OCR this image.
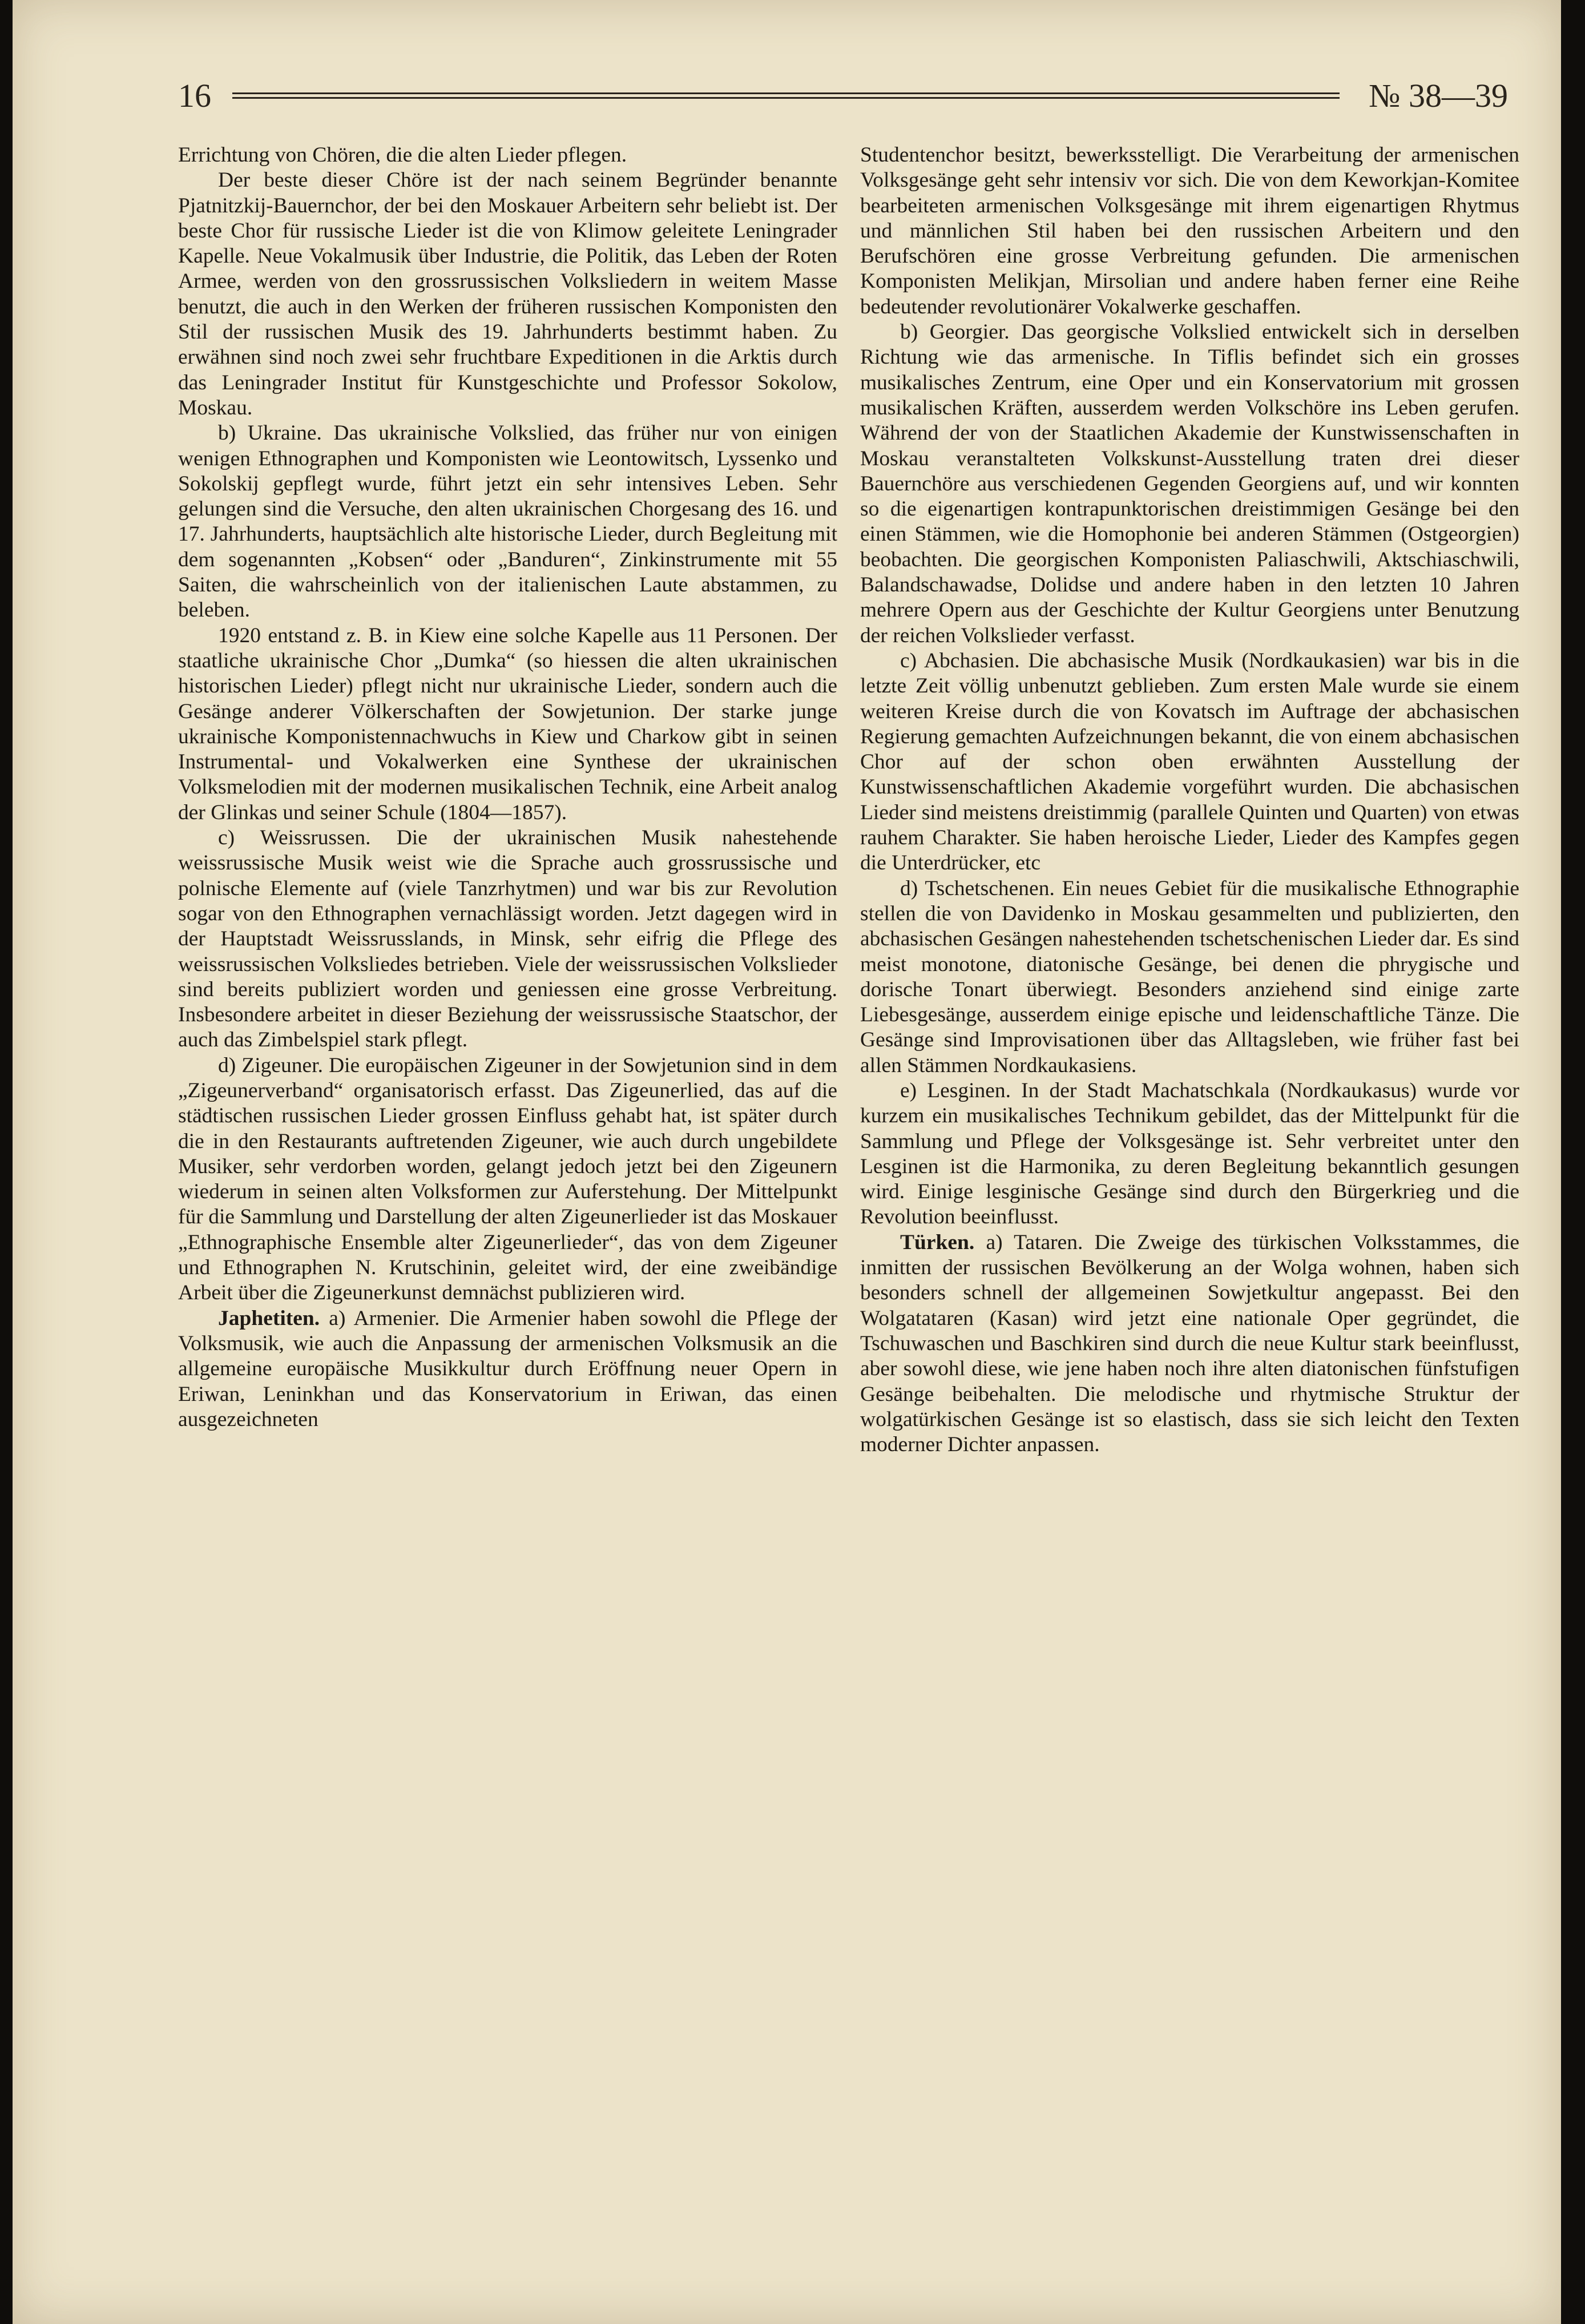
16	№ 38—39

Errichtung von Chören, die die alten Lieder pflegen.

Der beste dieser Chöre ist der nach seinem Begründer benannte Pjatnitzkij-Bauernchor, der bei den Moskauer Arbeitern sehr beliebt ist. Der beste Chor für russische Lieder ist die von Klimow geleitete Leningrader Kapelle. Neue Vokalmusik über Industrie, die Politik, das Leben der Roten Armee, werden von den grossrussischen Volksliedern in weitem Masse benutzt, die auch in den Werken der früheren russischen Komponisten den Stil der russischen Musik des 19. Jahrhunderts bestimmt haben. Zu erwähnen sind noch zwei sehr fruchtbare Expeditionen in die Arktis durch das Leningrader Institut für Kunstgeschichte und Professor Sokolow, Moskau.

b) Ukraine. Das ukrainische Volkslied, das früher nur von einigen wenigen Ethnographen und Komponisten wie Leontowitsch, Lyssenko und Sokolskij gepflegt wurde, führt jetzt ein sehr intensives Leben. Sehr gelungen sind die Versuche, den alten ukrainischen Chorgesang des 16. und 17. Jahrhunderts, hauptsächlich alte historische Lieder, durch Begleitung mit dem sogenannten „Kobsen“ oder „Banduren“, Zinkinstrumente mit 55 Saiten, die wahrscheinlich von der italienischen Laute abstammen, zu beleben.

1920 entstand z. B. in Kiew eine solche Kapelle aus 11 Personen. Der staatliche ukrainische Chor „Dumka“ (so hiessen die alten ukrainischen historischen Lieder) pflegt nicht nur ukrainische Lieder, sondern auch die Gesänge anderer Völkerschaften der Sowjetunion. Der starke junge ukrainische Komponistennachwuchs in Kiew und Charkow gibt in seinen Instrumental- und Vokalwerken eine Synthese der ukrainischen Volksmelodien mit der modernen musikalischen Technik, eine Arbeit analog der Glinkas und seiner Schule (1804—1857).

c) Weissrussen. Die der ukrainischen Musik nahestehende weissrussische Musik weist wie die Sprache auch grossrussische und polnische Elemente auf (viele Tanzrhytmen) und war bis zur Revolution sogar von den Ethnographen vernachlässigt worden. Jetzt dagegen wird in der Hauptstadt Weissrusslands, in Minsk, sehr eifrig die Pflege des weissrussischen Volksliedes betrieben. Viele der weissrussischen Volkslieder sind bereits publiziert worden und geniessen eine grosse Verbreitung. Insbesondere arbeitet in dieser Beziehung der weissrussische Staatschor, der auch das Zimbelspiel stark pflegt.

d) Zigeuner. Die europäischen Zigeuner in der Sowjetunion sind in dem „Zigeunerverband“ organisatorisch erfasst. Das Zigeunerlied, das auf die städtischen russischen Lieder grossen Einfluss gehabt hat, ist später durch die in den Restaurants auftretenden Zigeuner, wie auch durch ungebildete Musiker, sehr verdorben worden, gelangt jedoch jetzt bei den Zigeunern wiederum in seinen alten Volksformen zur Auferstehung. Der Mittelpunkt für die Sammlung und Darstellung der alten Zigeunerlieder ist das Moskauer „Ethnographische Ensemble alter Zigeunerlieder“, das von dem Zigeuner und Ethnographen N. Krutschinin, geleitet wird, der eine zweibändige Arbeit über die Zigeunerkunst demnächst publizieren wird.

Japhetiten. a) Armenier. Die Armenier haben sowohl die Pflege der Volksmusik, wie auch die Anpassung der armenischen Volksmusik an die allgemeine europäische Musikkultur durch Eröffnung neuer Opern in Eriwan, Leninkhan und das Konservatorium in Eriwan, das einen ausgezeichneten

Studentenchor besitzt, bewerksstelligt. Die Verarbeitung der armenischen Volksgesänge geht sehr intensiv vor sich. Die von dem Keworkjan-Komitee bearbeiteten armenischen Volksgesänge mit ihrem eigenartigen Rhytmus und männlichen Stil haben bei den russischen Arbeitern und den Berufschören eine grosse Verbreitung gefunden. Die armenischen Komponisten Melikjan, Mirsolian und andere haben ferner eine Reihe bedeutender revolutionärer Vokalwerke geschaffen.

b) Georgier. Das georgische Volkslied entwickelt sich in derselben Richtung wie das armenische. In Tiflis befindet sich ein grosses musikalisches Zentrum, eine Oper und ein Konservatorium mit grossen musikalischen Kräften, ausserdem werden Volkschöre ins Leben gerufen. Während der von der Staatlichen Akademie der Kunstwissenschaften in Moskau veranstalteten Volkskunst-Ausstellung traten drei dieser Bauernchöre aus verschiedenen Gegenden Georgiens auf, und wir konnten so die eigenartigen kontrapunktorischen dreistimmigen Gesänge bei den einen Stämmen, wie die Homophonie bei anderen Stämmen (Ostgeorgien) beobachten. Die georgischen Komponisten Paliaschwili, Aktschiaschwili, Balandschawadse, Dolidse und andere haben in den letzten 10 Jahren mehrere Opern aus der Geschichte der Kultur Georgiens unter Benutzung der reichen Volkslieder verfasst.

c) Abchasien. Die abchasische Musik (Nordkaukasien) war bis in die letzte Zeit völlig unbenutzt geblieben. Zum ersten Male wurde sie einem weiteren Kreise durch die von Kovatsch im Auftrage der abchasischen Regierung gemachten Aufzeichnungen bekannt, die von einem abchasischen Chor auf der schon oben erwähnten Ausstellung der Kunstwissenschaftlichen Akademie vorgeführt wurden. Die abchasischen Lieder sind meistens dreistimmig (parallele Quinten und Quarten) von etwas rauhem Charakter. Sie haben heroische Lieder, Lieder des Kampfes gegen die Unterdrücker, etc

d) Tschetschenen. Ein neues Gebiet für die musikalische Ethnographie stellen die von Davidenko in Moskau gesammelten und publizierten, den abchasischen Gesängen nahestehenden tschetschenischen Lieder dar. Es sind meist monotone, diatonische Gesänge, bei denen die phrygische und dorische Tonart überwiegt. Besonders anziehend sind einige zarte Liebesgesänge, ausserdem einige epische und leidenschaftliche Tänze. Die Gesänge sind Improvisationen über das Alltagsleben, wie früher fast bei allen Stämmen Nordkaukasiens.

e) Lesginen. In der Stadt Machatschkala (Nordkaukasus) wurde vor kurzem ein musikalisches Technikum gebildet, das der Mittelpunkt für die Sammlung und Pflege der Volksgesänge ist. Sehr verbreitet unter den Lesginen ist die Harmonika, zu deren Begleitung bekanntlich gesungen wird. Einige lesginische Gesänge sind durch den Bürgerkrieg und die Revolution beeinflusst.

Türken. a) Tataren. Die Zweige des türkischen Volksstammes, die inmitten der russischen Bevölkerung an der Wolga wohnen, haben sich besonders schnell der allgemeinen Sowjetkultur angepasst. Bei den Wolgatataren (Kasan) wird jetzt eine nationale Oper gegründet, die Tschuwaschen und Baschkiren sind durch die neue Kultur stark beeinflusst, aber sowohl diese, wie jene haben noch ihre alten diatonischen fünfstufigen Gesänge beibehalten. Die melodische und rhytmische Struktur der wolgatürkischen Gesänge ist so elastisch, dass sie sich leicht den Texten moderner Dichter anpassen.
